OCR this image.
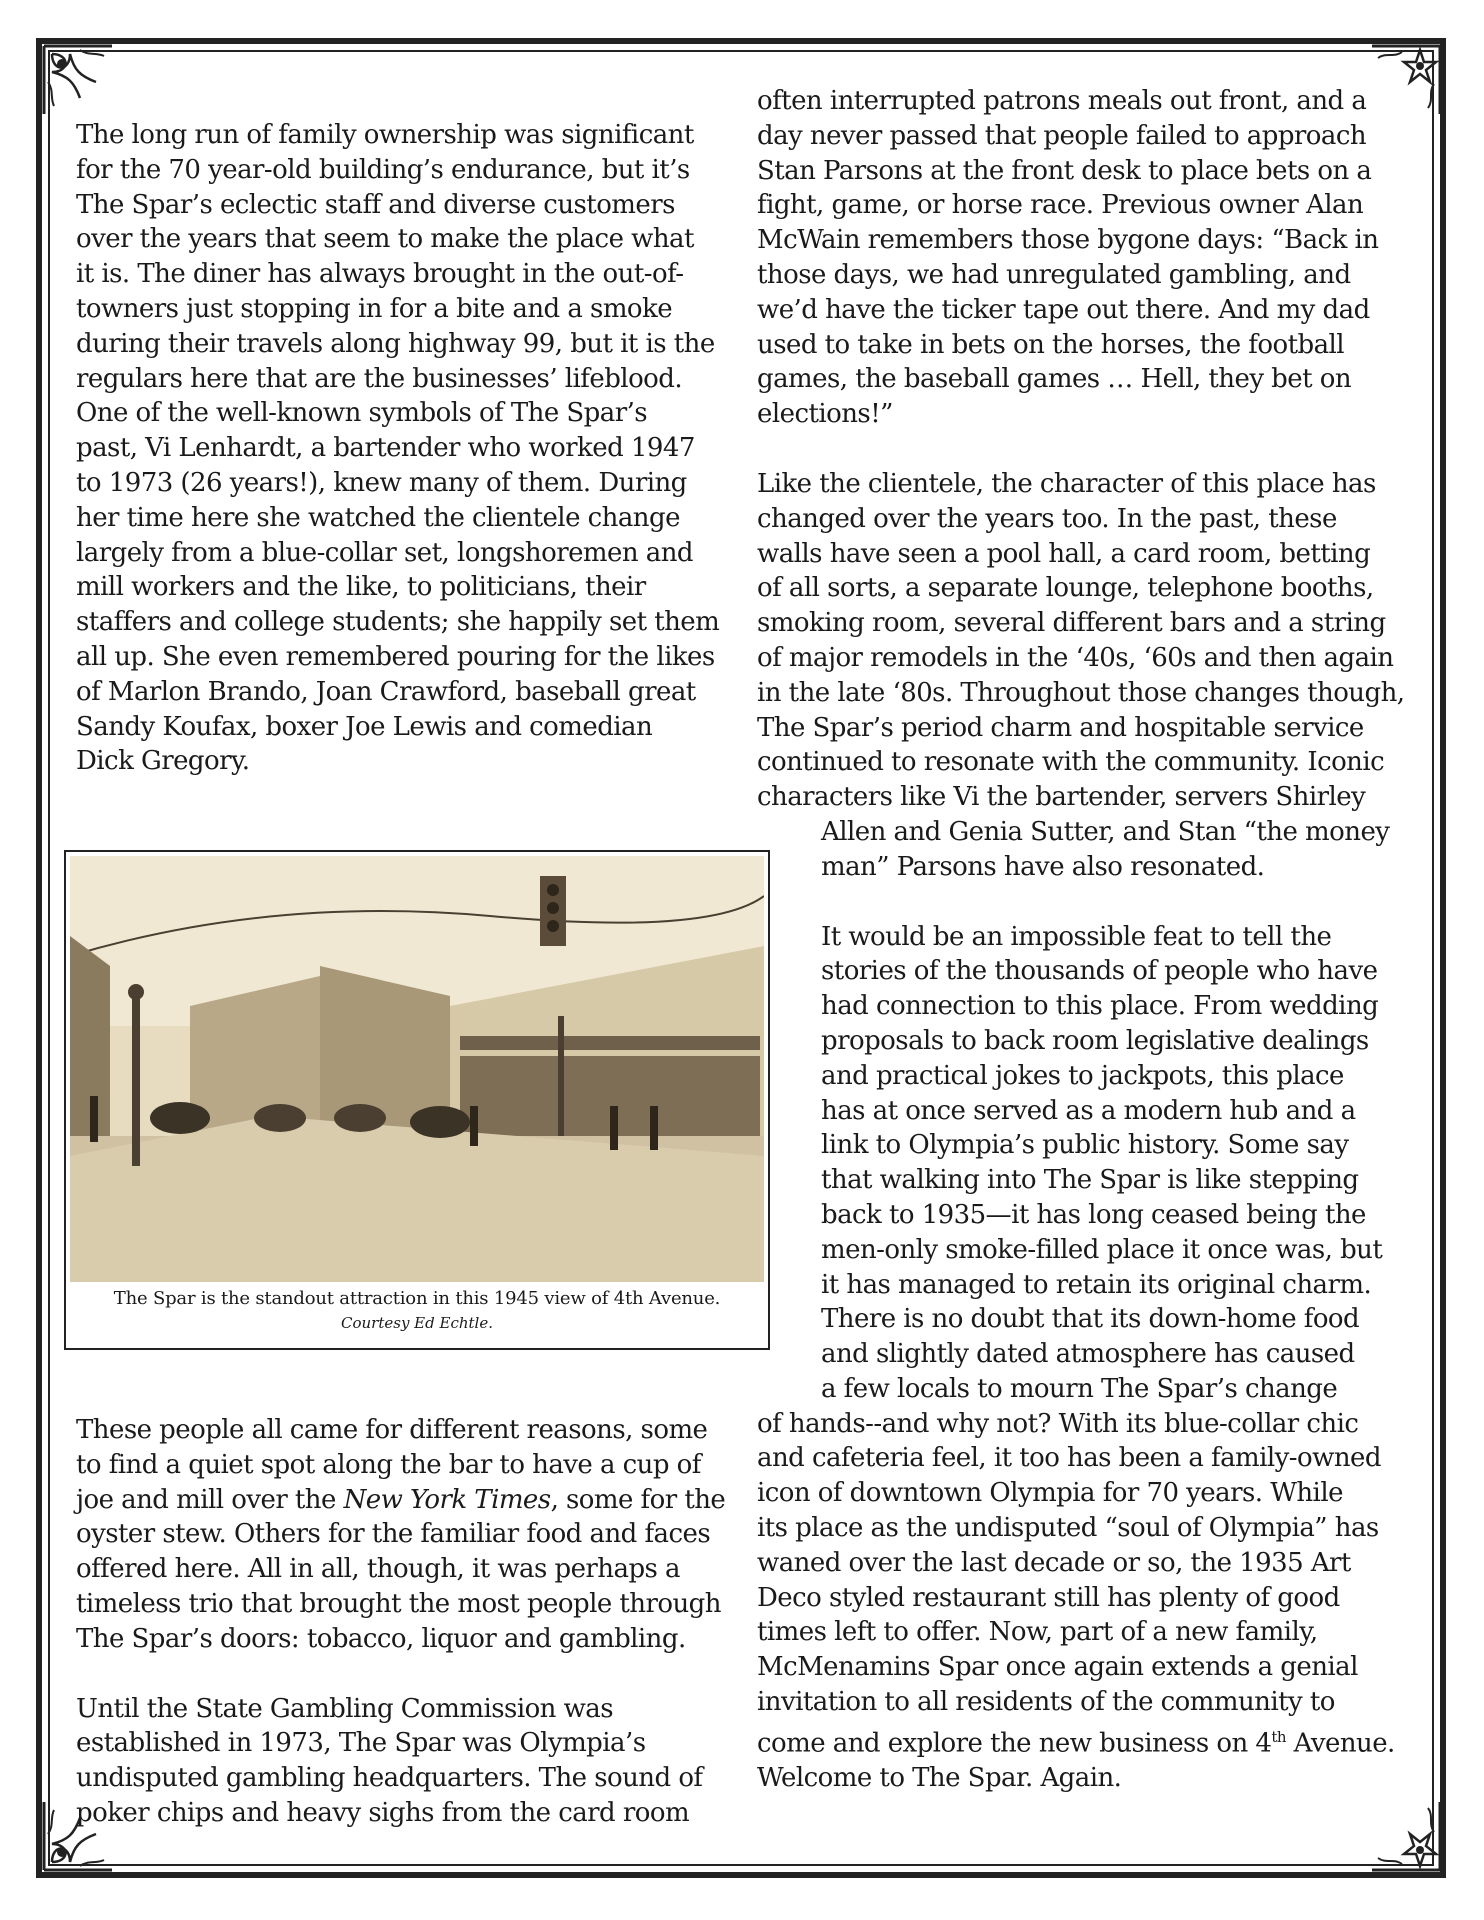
The long run of family ownership was significant

for the 70 year-old building’s endurance, but it’s

The Spar’s eclectic staff and diverse customers

over the years that seem to make the place what

it is. The diner has always brought in the out-of-

towners just stopping in for a bite and a smoke

during their travels along highway 99, but it is the

regulars here that are the businesses’ lifeblood.

One of the well-known symbols of The Spar’s

past, Vi Lenhardt, a bartender who worked 1947

to 1973 (26 years!), knew many of them. During

her time here she watched the clientele change

largely from a blue-collar set, longshoremen and

mill workers and the like, to politicians, their

staffers and college students; she happily set them

all up. She even remembered pouring for the likes

of Marlon Brando, Joan Crawford, baseball great

Sandy Koufax, boxer Joe Lewis and comedian

Dick Gregory.

The Spar is the standout attraction in this 1945 view of 4th Avenue.
Courtesy Ed Echtle.

These people all came for different reasons, some

to find a quiet spot along the bar to have a cup of

joe and mill over the New York Times, some for the

oyster stew. Others for the familiar food and faces

offered here. All in all, though, it was perhaps a

timeless trio that brought the most people through

The Spar’s doors: tobacco, liquor and gambling.

Until the State Gambling Commission was

established in 1973, The Spar was Olympia’s

undisputed gambling headquarters. The sound of

poker chips and heavy sighs from the card room

often interrupted patrons meals out front, and a

day never passed that people failed to approach

Stan Parsons at the front desk to place bets on a

fight, game, or horse race. Previous owner Alan

McWain remembers those bygone days: “Back in

those days, we had unregulated gambling, and

we’d have the ticker tape out there. And my dad

used to take in bets on the horses, the football

games, the baseball games … Hell, they bet on

elections!”

Like the clientele, the character of this place has

changed over the years too. In the past, these

walls have seen a pool hall, a card room, betting

of all sorts, a separate lounge, telephone booths,

smoking room, several different bars and a string

of major remodels in the ‘40s, ‘60s and then again

in the late ‘80s. Throughout those changes though,

The Spar’s period charm and hospitable service

continued to resonate with the community. Iconic

characters like Vi the bartender, servers Shirley

Allen and Genia Sutter, and Stan “the money

man” Parsons have also resonated.

It would be an impossible feat to tell the

stories of the thousands of people who have

had connection to this place. From wedding

proposals to back room legislative dealings

and practical jokes to jackpots, this place

has at once served as a modern hub and a

link to Olympia’s public history. Some say

that walking into The Spar is like stepping

back to 1935—it has long ceased being the

men-only smoke-filled place it once was, but

it has managed to retain its original charm.

There is no doubt that its down-home food

and slightly dated atmosphere has caused

a few locals to mourn The Spar’s change

of hands--and why not? With its blue-collar chic

and cafeteria feel, it too has been a family-owned

icon of downtown Olympia for 70 years. While

its place as the undisputed “soul of Olympia” has

waned over the last decade or so, the 1935 Art

Deco styled restaurant still has plenty of good

times left to offer. Now, part of a new family,

McMenamins Spar once again extends a genial

invitation to all residents of the community to

come and explore the new business on 4th Avenue.

Welcome to The Spar. Again.
